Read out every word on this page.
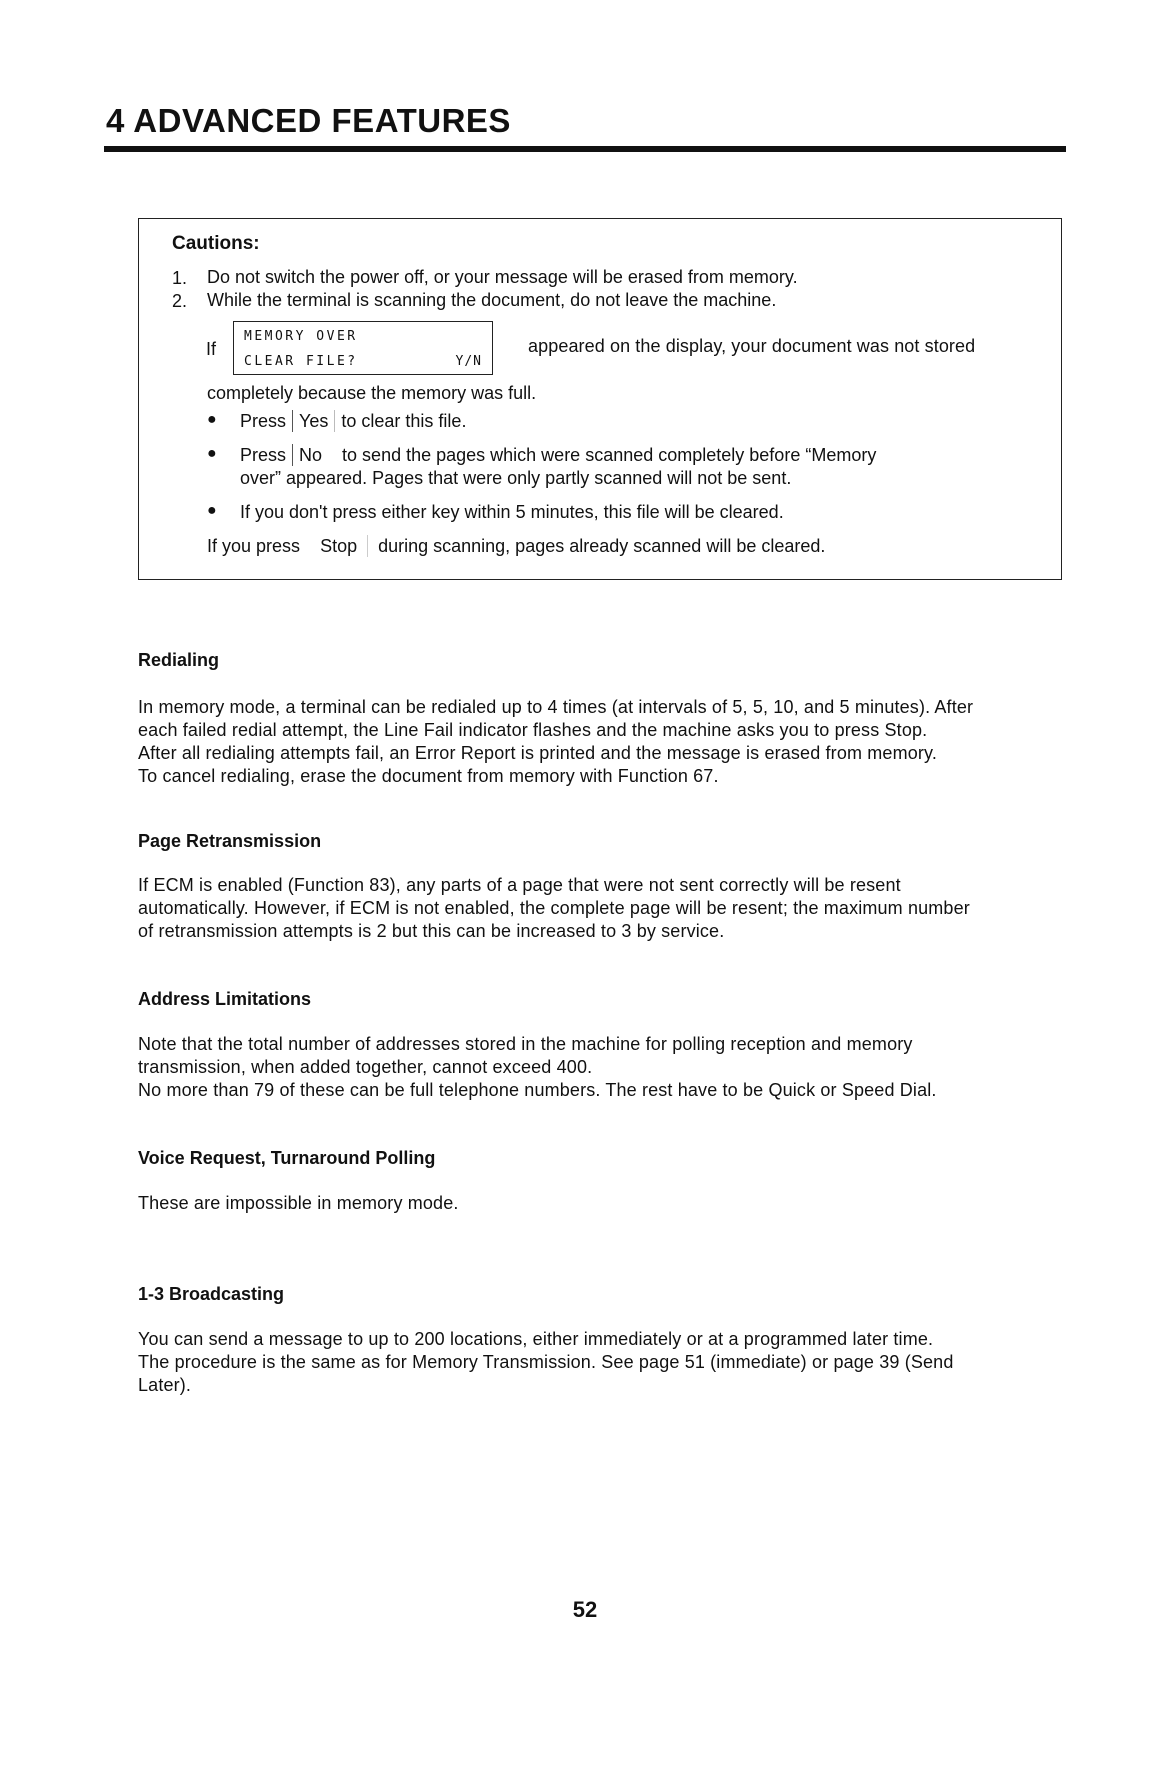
4 ADVANCED FEATURES
Cautions:
1. Do not switch the power off, or your message will be erased from memory.
2. While the terminal is scanning the document, do not leave the machine.
If
MEMORY OVER
CLEAR FILE?	Y/N
appeared on the display, your document was not stored
completely because the memory was full.
● Press Yes to clear this file.
● Press No to send the pages which were scanned completely before “Memory
over” appeared. Pages that were only partly scanned will not be sent.
● If you don't press either key within 5 minutes, this file will be cleared.
If you press Stop during scanning, pages already scanned will be cleared.
Redialing
In memory mode, a terminal can be redialed up to 4 times (at intervals of 5, 5, 10, and 5 minutes). After
each failed redial attempt, the Line Fail indicator flashes and the machine asks you to press Stop.
After all redialing attempts fail, an Error Report is printed and the message is erased from memory.
To cancel redialing, erase the document from memory with Function 67.
Page Retransmission
If ECM is enabled (Function 83), any parts of a page that were not sent correctly will be resent
automatically. However, if ECM is not enabled, the complete page will be resent; the maximum number
of retransmission attempts is 2 but this can be increased to 3 by service.
Address Limitations
Note that the total number of addresses stored in the machine for polling reception and memory
transmission, when added together, cannot exceed 400.
No more than 79 of these can be full telephone numbers. The rest have to be Quick or Speed Dial.
Voice Request, Turnaround Polling
These are impossible in memory mode.
1-3 Broadcasting
You can send a message to up to 200 locations, either immediately or at a programmed later time.
The procedure is the same as for Memory Transmission. See page 51 (immediate) or page 39 (Send
Later).
52
